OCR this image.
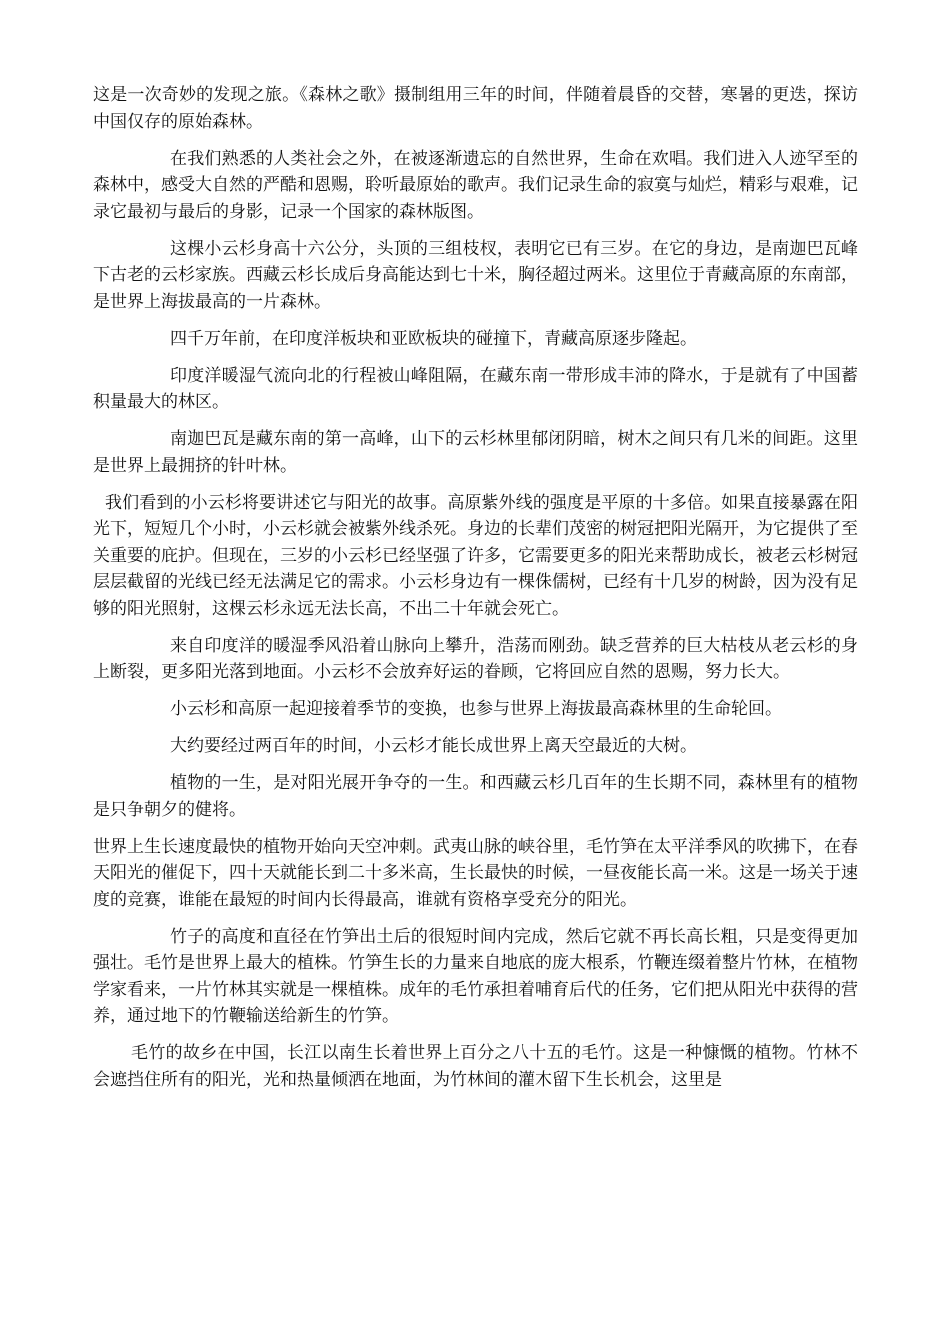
这是一次奇妙的发现之旅。《森林之歌》摄制组用三年的时间，伴随着晨昏的交替，寒暑的更迭，探访中国仅存的原始森林。

在我们熟悉的人类社会之外，在被逐渐遗忘的自然世界，生命在欢唱。我们进入人迹罕至的森林中，感受大自然的严酷和恩赐，聆听最原始的歌声。我们记录生命的寂寞与灿烂，精彩与艰难，记录它最初与最后的身影，记录一个国家的森林版图。

这棵小云杉身高十六公分，头顶的三组枝杈，表明它已有三岁。在它的身边，是南迦巴瓦峰下古老的云杉家族。西藏云杉长成后身高能达到七十米，胸径超过两米。这里位于青藏高原的东南部，是世界上海拔最高的一片森林。

四千万年前，在印度洋板块和亚欧板块的碰撞下，青藏高原逐步隆起。

印度洋暖湿气流向北的行程被山峰阻隔，在藏东南一带形成丰沛的降水，于是就有了中国蓄积量最大的林区。

南迦巴瓦是藏东南的第一高峰，山下的云杉林里郁闭阴暗，树木之间只有几米的间距。这里是世界上最拥挤的针叶林。

我们看到的小云杉将要讲述它与阳光的故事。高原紫外线的强度是平原的十多倍。如果直接暴露在阳光下，短短几个小时，小云杉就会被紫外线杀死。身边的长辈们茂密的树冠把阳光隔开，为它提供了至关重要的庇护。但现在，三岁的小云杉已经坚强了许多，它需要更多的阳光来帮助成长，被老云杉树冠层层截留的光线已经无法满足它的需求。小云杉身边有一棵侏儒树，已经有十几岁的树龄，因为没有足够的阳光照射，这棵云杉永远无法长高，不出二十年就会死亡。

来自印度洋的暖湿季风沿着山脉向上攀升，浩荡而刚劲。缺乏营养的巨大枯枝从老云杉的身上断裂，更多阳光落到地面。小云杉不会放弃好运的眷顾，它将回应自然的恩赐，努力长大。

小云杉和高原一起迎接着季节的变换，也参与世界上海拔最高森林里的生命轮回。

大约要经过两百年的时间，小云杉才能长成世界上离天空最近的大树。

植物的一生，是对阳光展开争夺的一生。和西藏云杉几百年的生长期不同，森林里有的植物是只争朝夕的健将。

世界上生长速度最快的植物开始向天空冲刺。武夷山脉的峡谷里，毛竹笋在太平洋季风的吹拂下，在春天阳光的催促下，四十天就能长到二十多米高，生长最快的时候，一昼夜能长高一米。这是一场关于速度的竞赛，谁能在最短的时间内长得最高，谁就有资格享受充分的阳光。

竹子的高度和直径在竹笋出土后的很短时间内完成，然后它就不再长高长粗，只是变得更加强壮。毛竹是世界上最大的植株。竹笋生长的力量来自地底的庞大根系，竹鞭连缀着整片竹林，在植物学家看来，一片竹林其实就是一棵植株。成年的毛竹承担着哺育后代的任务，它们把从阳光中获得的营养，通过地下的竹鞭输送给新生的竹笋。

毛竹的故乡在中国，长江以南生长着世界上百分之八十五的毛竹。这是一种慷慨的植物。竹林不会遮挡住所有的阳光，光和热量倾洒在地面，为竹林间的灌木留下生长机会，这里是
